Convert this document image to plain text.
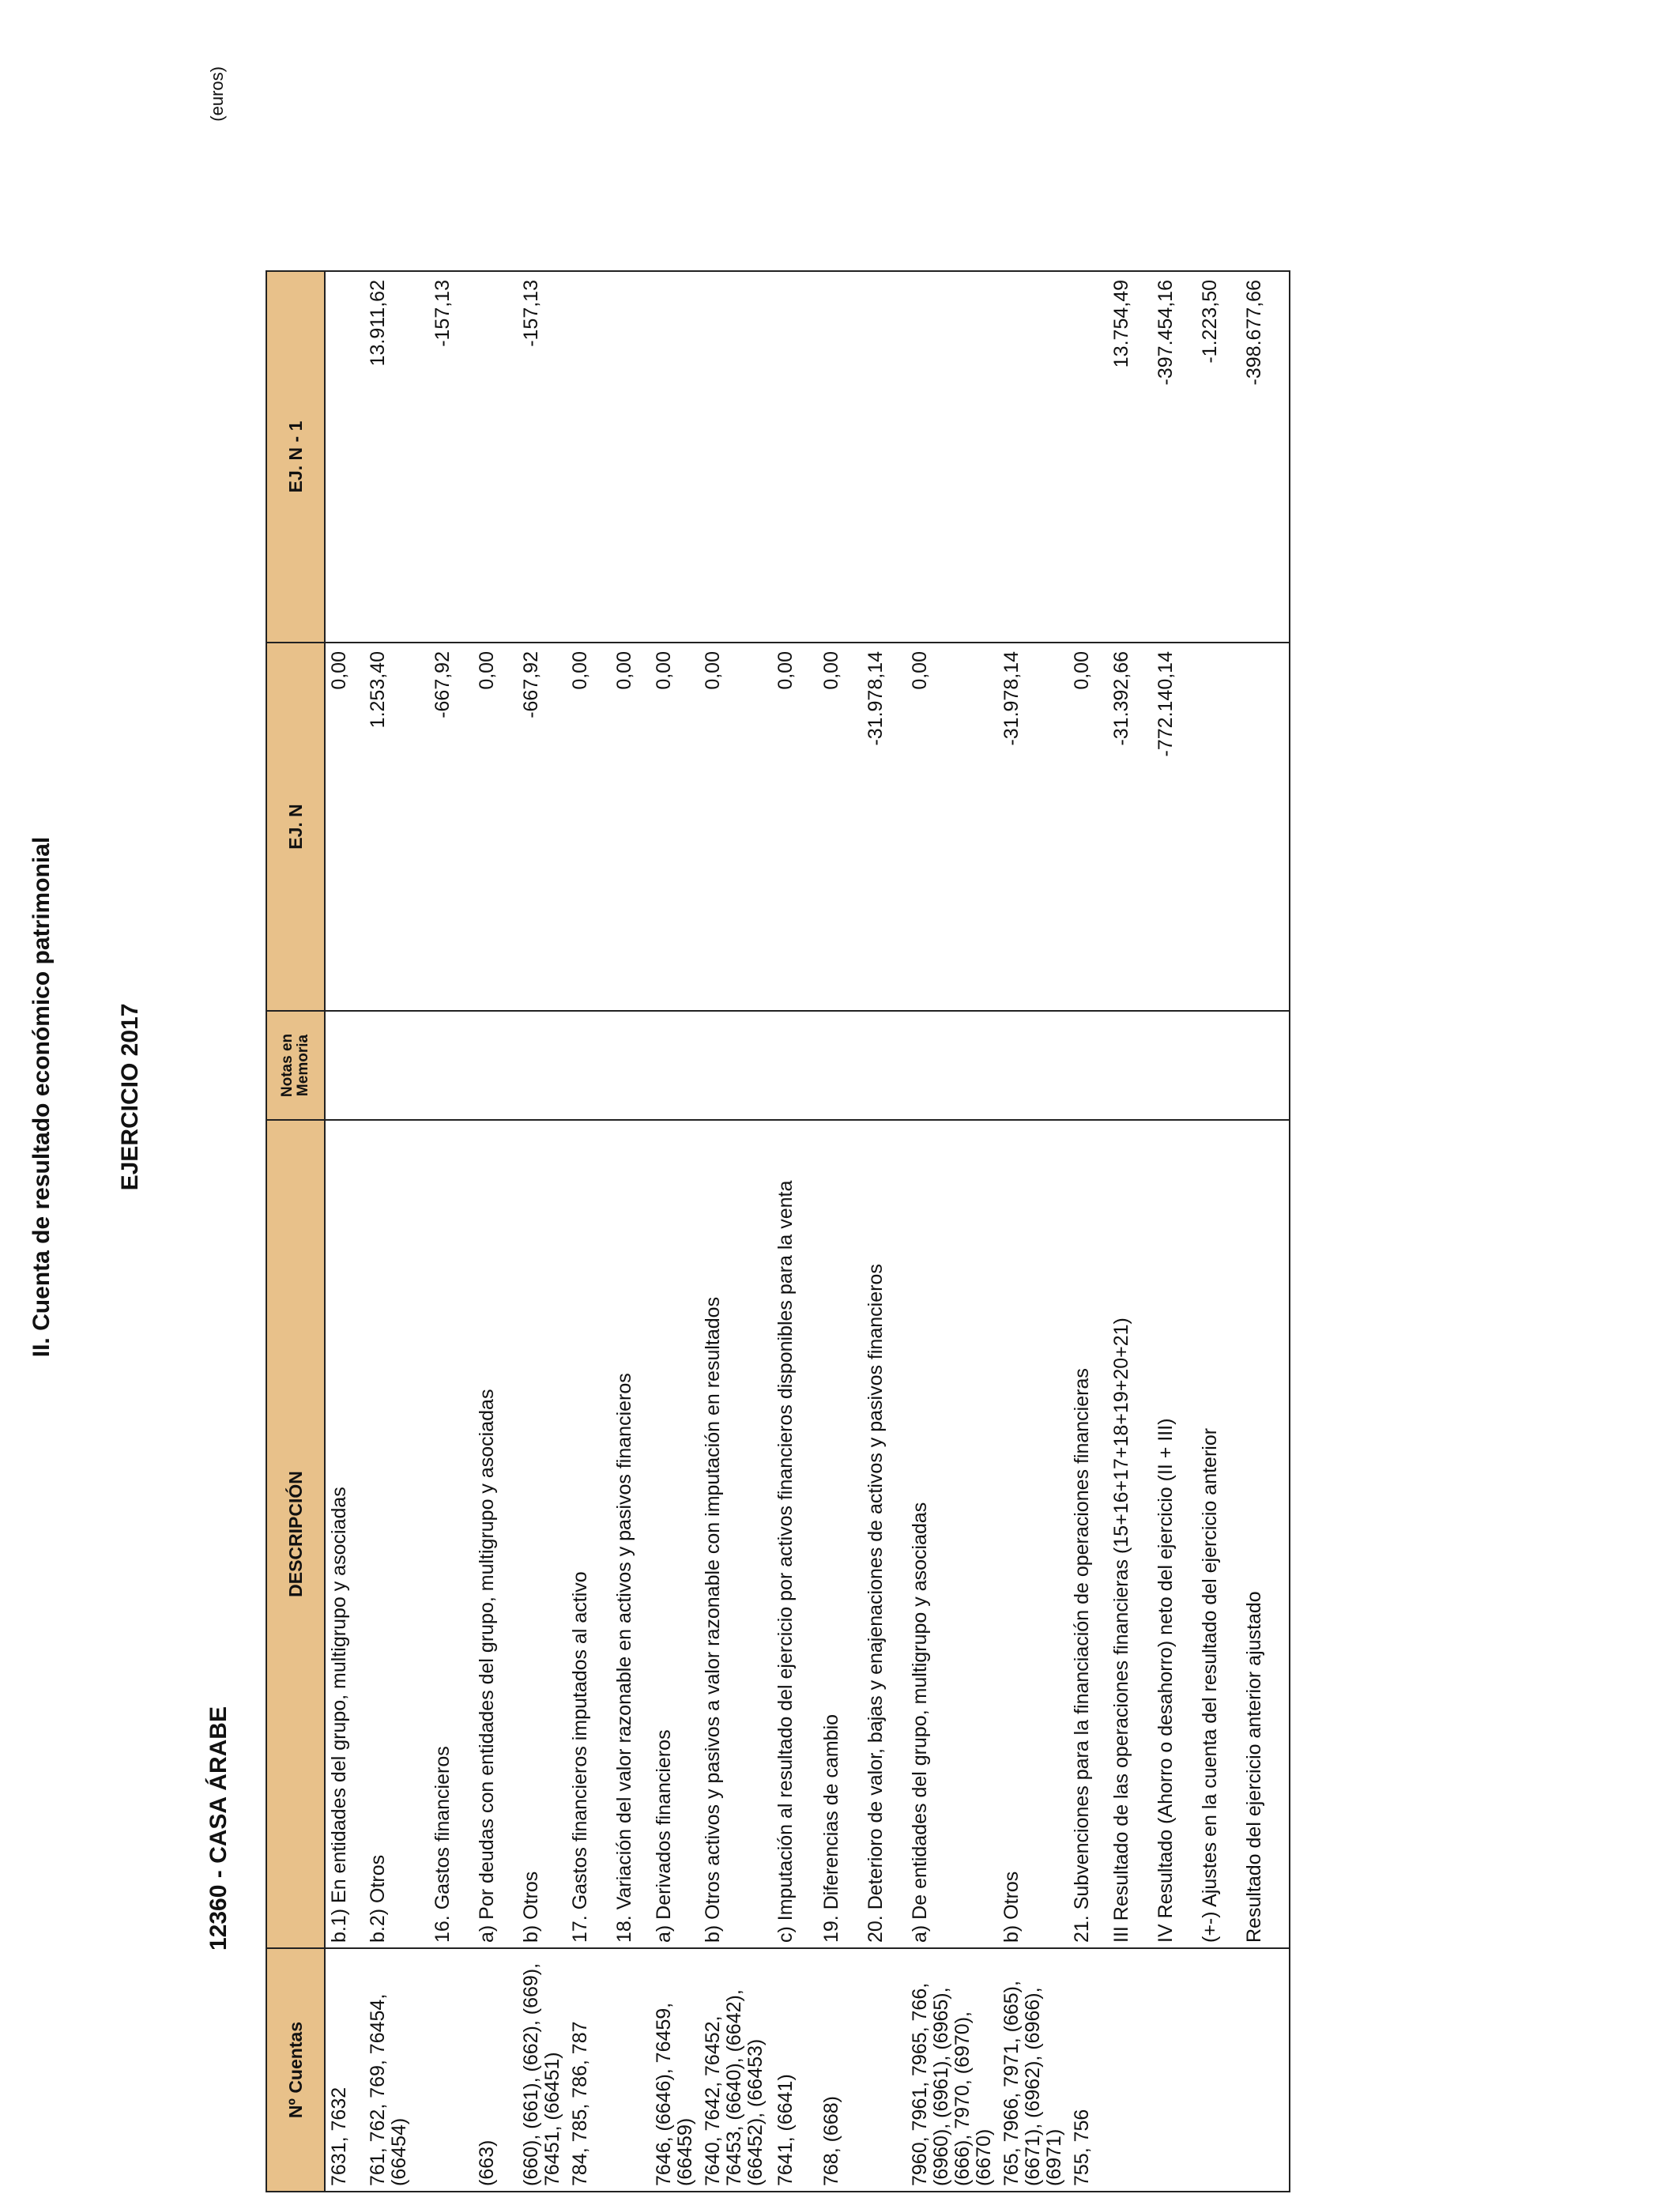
II. Cuenta de resultado económico patrimonial	EJERCICIO 2017
12360 - CASA ÁRABE
(euros)
Nº Cuentas	DESCRIPCIÓN	Notas en Memoria	EJ. N	EJ. N - 1
7631, 7632	b.1) En entidades del grupo, multigrupo y asociadas		0,00	
761, 762, 769, 76454, (66454)	b.2) Otros		1.253,40	13.911,62
	16. Gastos financieros		-667,92	-157,13
(663)	a) Por deudas con entidades del grupo, multigrupo y asociadas		0,00	
(660), (661), (662), (669), 76451, (66451)	b) Otros		-667,92	-157,13
784, 785, 786, 787	17. Gastos financieros imputados al activo		0,00	
	18. Variación del valor razonable en activos y pasivos financieros		0,00	
7646, (6646), 76459, (66459)	a) Derivados financieros		0,00	
7640, 7642, 76452, 76453, (6640), (6642), (66452), (66453)	b) Otros activos y pasivos a valor razonable con imputación en resultados		0,00	
7641, (6641)	c) Imputación al resultado del ejercicio por activos financieros disponibles para la venta		0,00	
768, (668)	19. Diferencias de cambio		0,00	
	20. Deterioro de valor, bajas y enajenaciones de activos y pasivos financieros		-31.978,14	
7960, 7961, 7965, 766, (6960), (6961), (6965), (666), 7970, (6970), (6670)	a) De entidades del grupo, multigrupo y asociadas		0,00	
765, 7966, 7971, (665), (6671), (6962), (6966), (6971)	b) Otros		-31.978,14	
755, 756	21. Subvenciones para la financiación de operaciones financieras		0,00	
	III Resultado de las operaciones financieras (15+16+17+18+19+20+21)		-31.392,66	13.754,49
	IV Resultado (Ahorro o desahorro) neto del ejercicio (II + III)		-772.140,14	-397.454,16
	(+-) Ajustes en la cuenta del resultado del ejercicio anterior			-1.223,50
	Resultado del ejercicio anterior ajustado			-398.677,66
